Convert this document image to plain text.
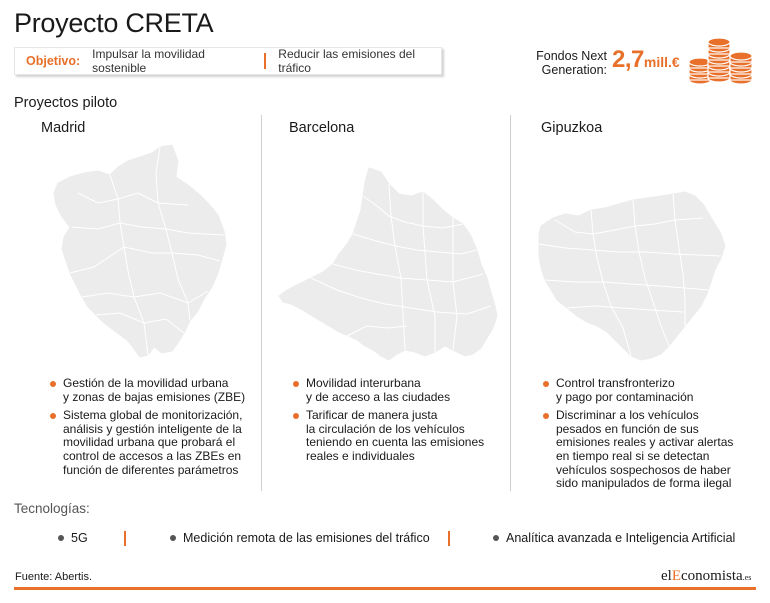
Proyecto CRETA
Objetivo: Impulsar la movilidad sostenible
Reducir las emisiones del tráfico
Fondos Next
Generation: 2,7mill.€
Proyectos piloto
Madrid	Barcelona	Gipuzkoa
Gestión de la movilidad urbana
y zonas de bajas emisiones (ZBE)
Sistema global de monitorización,
análisis y gestión inteligente de la
movilidad urbana que probará el
control de accesos a las ZBEs en
función de diferentes parámetros
Movilidad interurbana
y de acceso a las ciudades
Tarificar de manera justa
la circulación de los vehículos
teniendo en cuenta las emisiones
reales e individuales
Control transfronterizo
y pago por contaminación
Discriminar a los vehículos
pesados en función de sus
emisiones reales y activar alertas
en tiempo real si se detectan
vehículos sospechosos de haber
sido manipulados de forma ilegal
Tecnologías:
5G	Medición remota de las emisiones del tráfico	Analítica avanzada e Inteligencia Artificial
Fuente: Abertis.	elEconomista.es
